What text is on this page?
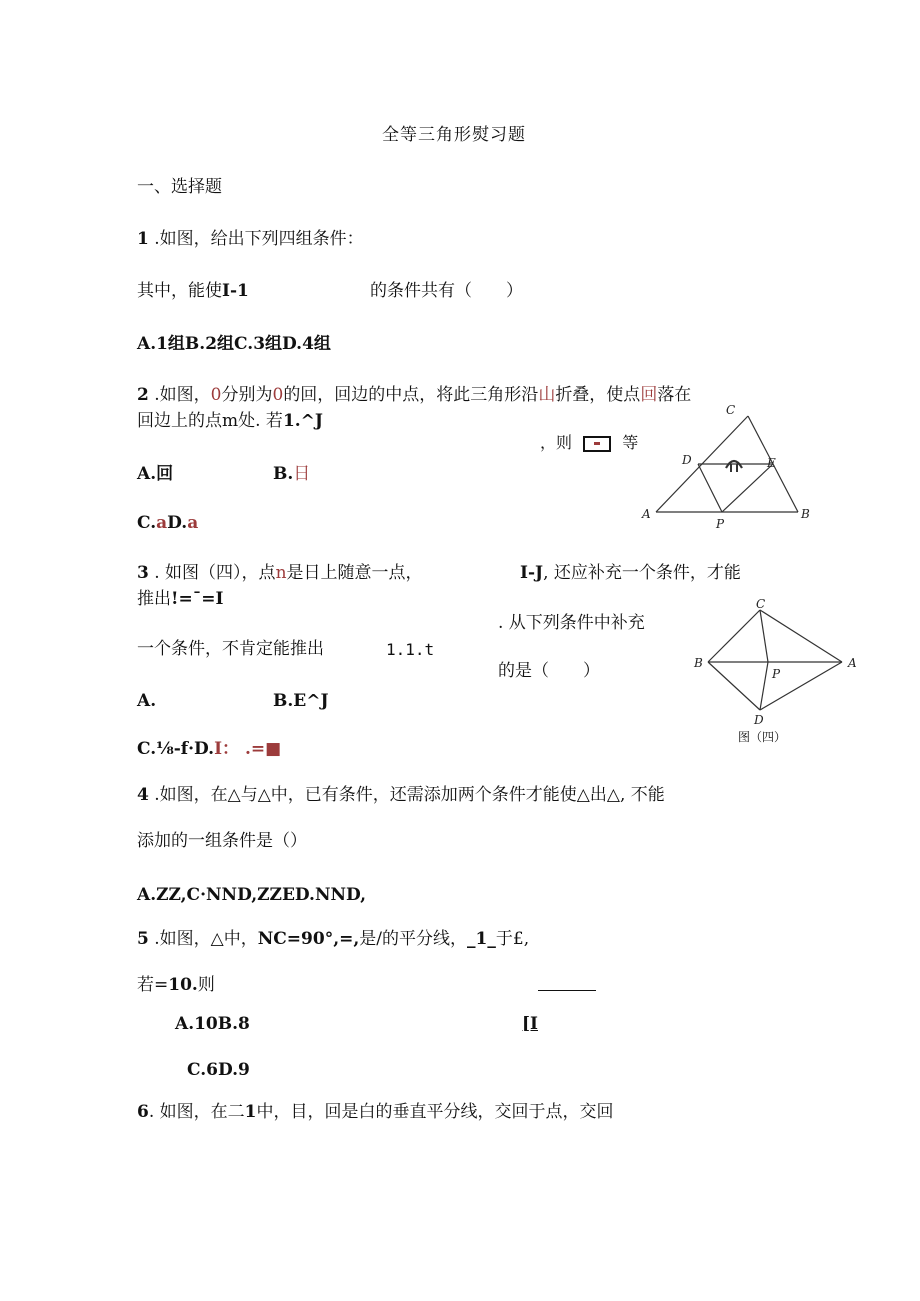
全等三角形熨习题
一、选择题
1 .如图，给出下列四组条件：
其中，能使I-1	的条件共有（　　）
A.1组B.2组C.3组D.4组
2 .如图，0分别为0的回，回边的中点，将此三角形沿山折叠，使点回落在
回边上的点m处. 若1.^J
，则	等
A.回	B.日
C.aD.a	A	B
C
D	E
P
3 . 如图（四），点n是日上随意一点，	I-J, 还应补充一个条件，才能
推出!=ˉ=I
. 从下列条件中补充
一个条件，不肯定能推出	1.1.t
的是（　　）
A.	B.E^J
C.⅛-f·D.I： .=■
C
B	A
P
D
图（四）
4 .如图，在△与△中，已有条件，还需添加两个条件才能使△出△, 不能
添加的一组条件是（）
A.ZZ,C·NND,ZZED.NND,
5 .如图，△中，NC=90°,=,是/的平分线，_1_于£,
若=10.则
A.10B.8	[I
C.6D.9
6. 如图，在二1中，目，回是白的垂直平分线，交回于点，交回
